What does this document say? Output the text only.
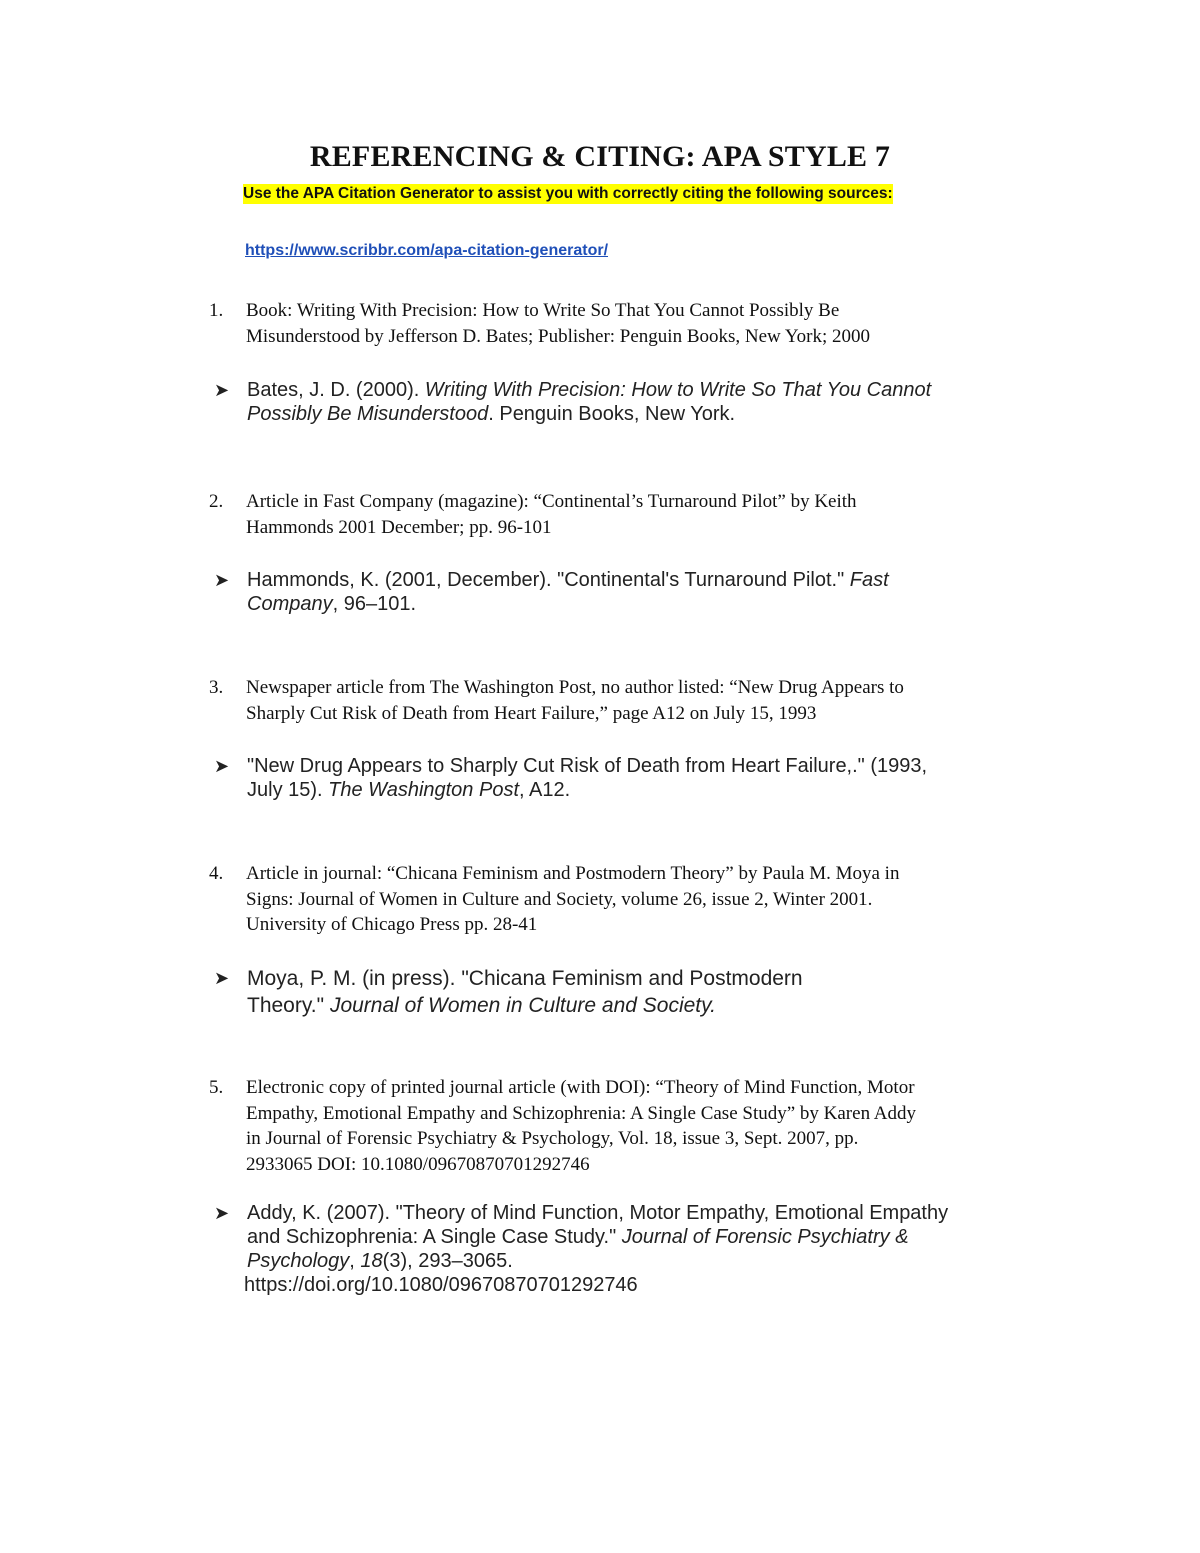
REFERENCING & CITING: APA STYLE 7
Use the APA Citation Generator to assist you with correctly citing the following sources:
https://www.scribbr.com/apa-citation-generator/
1. Book: Writing With Precision: How to Write So That You Cannot Possibly Be
Misunderstood by Jefferson D. Bates; Publisher: Penguin Books, New York; 2000
➤ Bates, J. D. (2000). Writing With Precision: How to Write So That You Cannot
Possibly Be Misunderstood. Penguin Books, New York.
2. Article in Fast Company (magazine): “Continental’s Turnaround Pilot” by Keith
Hammonds 2001 December; pp. 96-101
➤ Hammonds, K. (2001, December). "Continental's Turnaround Pilot." Fast
Company, 96–101.
3. Newspaper article from The Washington Post, no author listed: “New Drug Appears to
Sharply Cut Risk of Death from Heart Failure,” page A12 on July 15, 1993
➤ "New Drug Appears to Sharply Cut Risk of Death from Heart Failure,." (1993,
July 15). The Washington Post, A12.
4. Article in journal: “Chicana Feminism and Postmodern Theory” by Paula M. Moya in
Signs: Journal of Women in Culture and Society, volume 26, issue 2, Winter 2001.
University of Chicago Press pp. 28-41
➤ Moya, P. M. (in press). "Chicana Feminism and Postmodern
Theory." Journal of Women in Culture and Society.
5. Electronic copy of printed journal article (with DOI): “Theory of Mind Function, Motor
Empathy, Emotional Empathy and Schizophrenia: A Single Case Study” by Karen Addy
in Journal of Forensic Psychiatry & Psychology, Vol. 18, issue 3, Sept. 2007, pp.
2933065 DOI: 10.1080/09670870701292746
➤ Addy, K. (2007). "Theory of Mind Function, Motor Empathy, Emotional Empathy
and Schizophrenia: A Single Case Study." Journal of Forensic Psychiatry &
Psychology, 18(3), 293–3065.
https://doi.org/10.1080/09670870701292746
